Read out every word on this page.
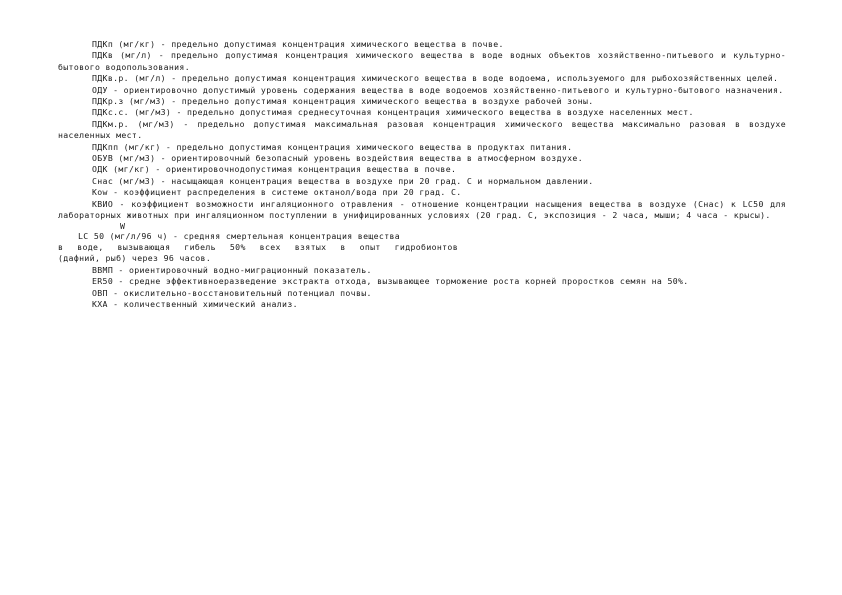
ПДКп (мг/кг) - предельно допустимая концентрация химического вещества в почве.

ПДКв (мг/л) - предельно допустимая концентрация химического вещества в воде водных объектов хозяйственно-питьевого и культурно-бытового водопользования.

ПДКв.р. (мг/л) - предельно допустимая концентрация химического вещества в воде водоема, используемого для рыбохозяйственных целей.

ОДУ - ориентировочно допустимый уровень содержания вещества в воде водоемов хозяйственно-питьевого и культурно-бытового назначения.

ПДКр.з (мг/м3) - предельно допустимая концентрация химического вещества в воздухе рабочей зоны.

ПДКс.с. (мг/м3) - предельно допустимая среднесуточная концентрация химического вещества в воздухе населенных мест.

ПДКм.р. (мг/м3) - предельно допустимая максимальная разовая концентрация химического вещества максимально разовая в воздухе населенных мест.

ПДКпп (мг/кг) - предельно допустимая концентрация химического вещества в продуктах питания.

ОБУВ (мг/м3) - ориентировочный безопасный уровень воздействия вещества в атмосферном воздухе.

ОДК (мг/кг) - ориентировочнодопустимая концентрация вещества в почве.

Снас (мг/м3) - насыщающая концентрация вещества в воздухе при 20 град. С и нормальном давлении.

Кow - коэффициент распределения в системе октанол/вода при 20 град. С.

КВИО - коэффициент возможности ингаляционного отравления - отношение концентрации насыщения вещества в воздухе (Снас) к LC50 для лабораторных животных при ингаляционном поступлении в унифицированных условиях (20 град. С, экспозиция - 2 часа, мыши; 4 часа - крысы).

W

LC 50 (мг/л/96 ч) - средняя смертельная концентрация вещества

в воде, вызывающая гибель 50% всех взятых в опыт гидробионтов

(дафний, рыб) через 96 часов.

ВВМП - ориентировочный водно-миграционный показатель.

ER50 - средне эффективноеразведение экстракта отхода, вызывающее торможение роста корней проростков семян на 50%.

ОВП - окислительно-восстановительный потенциал почвы.

КХА - количественный химический анализ.
